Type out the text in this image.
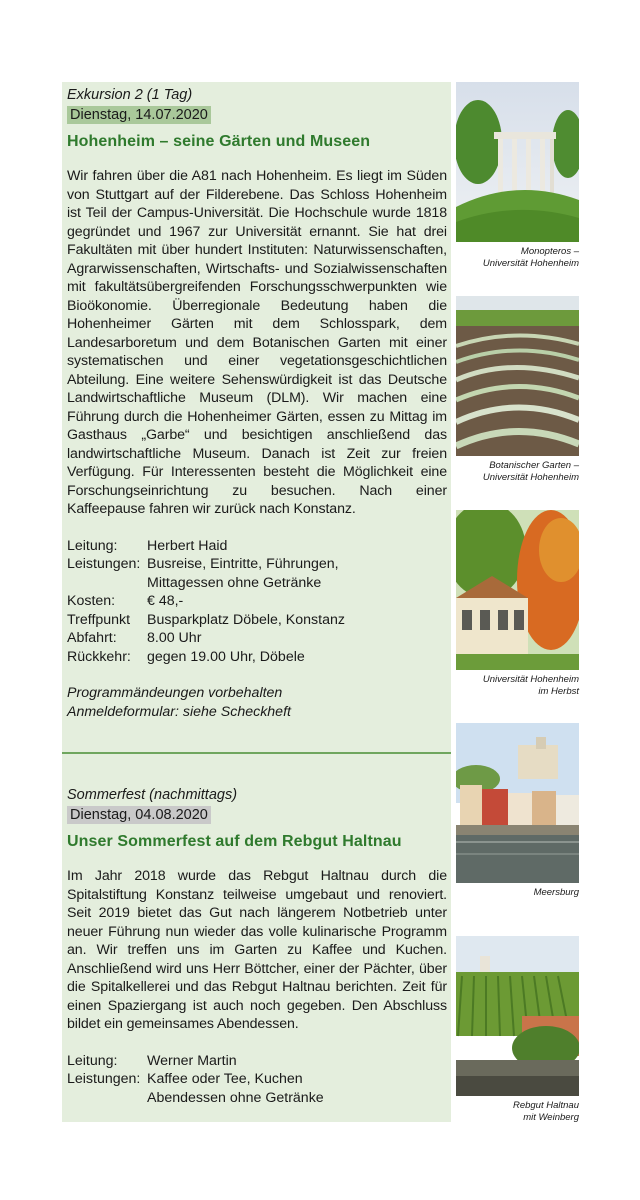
Exkursion 2 (1 Tag)
Dienstag, 14.07.2020
Hohenheim – seine Gärten und Museen

Wir fahren über die A81 nach Hohenheim. Es liegt im Süden von Stuttgart auf der Filderebene. Das Schloss Hohenheim ist Teil der Campus-Universität. Die Hochschule wurde 1818 gegründet und 1967 zur Universität ernannt. Sie hat drei Fakultäten mit über hundert Instituten: Naturwissenschaften, Agrarwissenschaften, Wirtschafts- und Sozialwissenschaften mit fakultätsübergreifenden Forschungsschwerpunkten wie Bioökonomie. Überregionale Bedeutung haben die Hohenheimer Gärten mit dem Schlosspark, dem Landesarboretum und dem Botanischen Garten mit einer systematischen und einer vegetationsgeschichtlichen Abteilung. Eine weitere Sehenswürdigkeit ist das Deutsche Landwirtschaftliche Museum (DLM). Wir machen eine Führung durch die Hohenheimer Gärten, essen zu Mittag im Gasthaus „Garbe“ und besichtigen anschließend das landwirtschaftliche Museum. Danach ist Zeit zur freien Verfügung. Für Interessenten besteht die Möglichkeit eine Forschungseinrichtung zu besuchen. Nach einer Kaffeepause fahren wir zurück nach Konstanz.

Leitung:	Herbert Haid
Leistungen: Busreise, Eintritte, Führungen,
Mittagessen ohne Getränke
Kosten:	€ 48,-
Treffpunkt	Busparkplatz Döbele, Konstanz
Abfahrt:	8.00 Uhr
Rückkehr:	gegen 19.00 Uhr, Döbele
Programmändeungen vorbehalten
Anmeldeformular: siehe Scheckheft
Sommerfest (nachmittags)
Dienstag, 04.08.2020
Unser Sommerfest auf dem Rebgut Haltnau

Im Jahr 2018 wurde das Rebgut Haltnau durch die Spitalstiftung Konstanz teilweise umgebaut und renoviert. Seit 2019 bietet das Gut nach längerem Notbetrieb unter neuer Führung nun wieder das volle kulinarische Programm an. Wir treffen uns im Garten zu Kaffee und Kuchen. Anschließend wird uns Herr Böttcher, einer der Pächter, über die Spitalkellerei und das Rebgut Haltnau berichten. Zeit für einen Spaziergang ist auch noch gegeben. Den Abschluss bildet ein gemeinsames Abendessen.

Leitung:	Werner Martin
Leistungen: Kaffee oder Tee, Kuchen
Abendessen ohne Getränke
Monopteros –
Universität Hohenheim
Botanischer Garten –
Universität Hohenheim
Universität Hohenheim
im Herbst
Meersburg
Rebgut Haltnau
mit Weinberg
